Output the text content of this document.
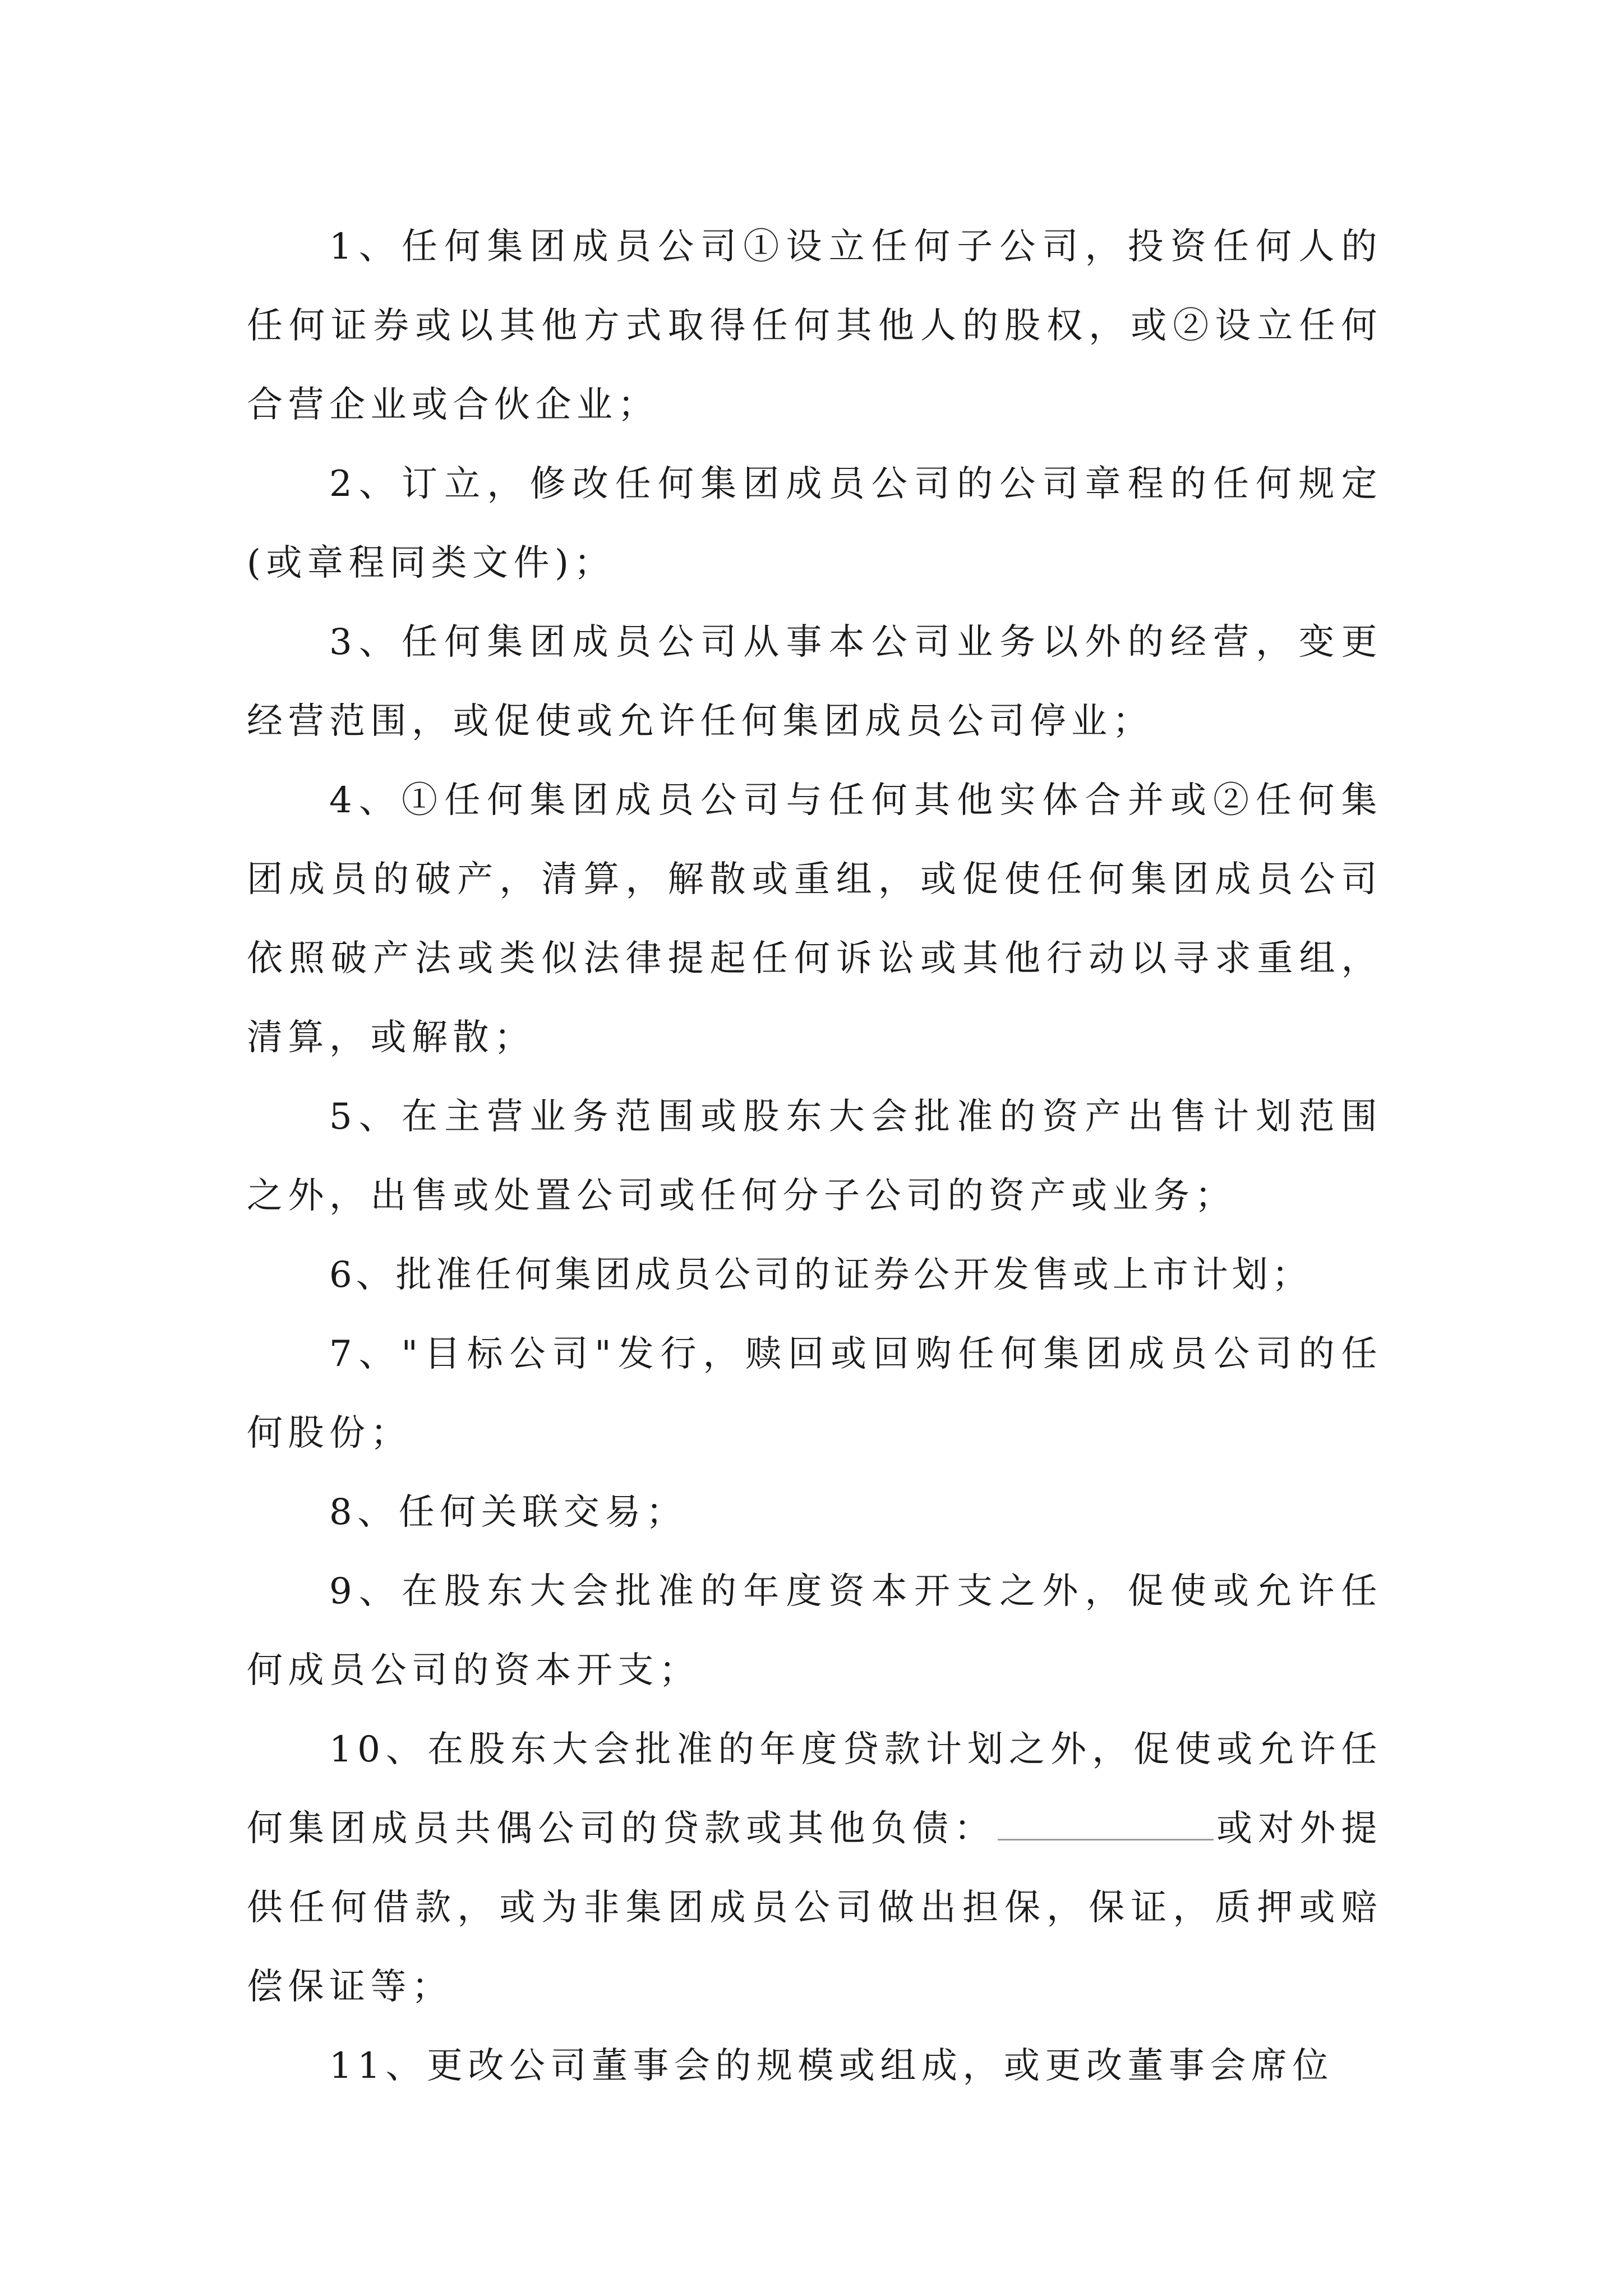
1、任何集团成员公司①设立任何子公司，投资任何人的任何证券或以其他方式取得任何其他人的股权，或②设立任何合营企业或合伙企业；

2、订立，修改任何集团成员公司的公司章程的任何规定(或章程同类文件)；

3、任何集团成员公司从事本公司业务以外的经营，变更经营范围，或促使或允许任何集团成员公司停业；

4、①任何集团成员公司与任何其他实体合并或②任何集团成员的破产，清算，解散或重组，或促使任何集团成员公司依照破产法或类似法律提起任何诉讼或其他行动以寻求重组，清算，或解散；

5、在主营业务范围或股东大会批准的资产出售计划范围之外，出售或处置公司或任何分子公司的资产或业务；

6、批准任何集团成员公司的证券公开发售或上市计划；

7、"目标公司"发行，赎回或回购任何集团成员公司的任何股份；

8、任何关联交易；

9、在股东大会批准的年度资本开支之外，促使或允许任何成员公司的资本开支；

10、在股东大会批准的年度贷款计划之外，促使或允许任何集团成员共偶公司的贷款或其他负债：	或对外提供任何借款，或为非集团成员公司做出担保，保证，质押或赔偿保证等；

11、更改公司董事会的规模或组成，或更改董事会席位
